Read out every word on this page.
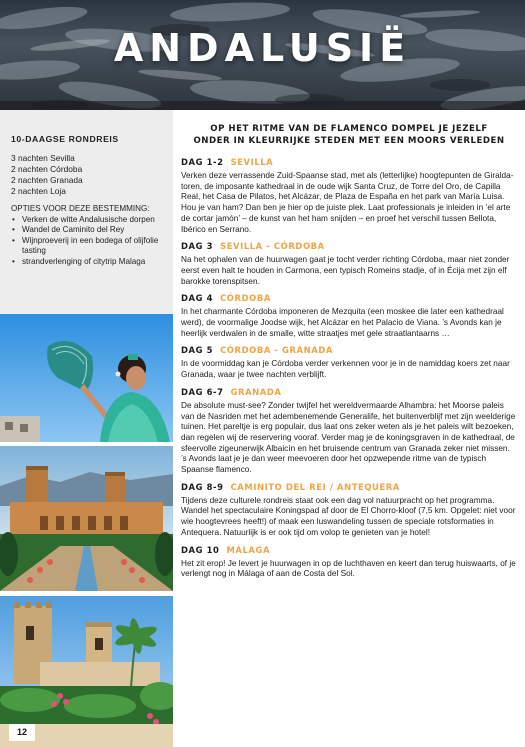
ANDALUSIË
10-DAAGSE RONDREIS
3 nachten Sevilla
2 nachten Córdoba
2 nachten Granada
2 nachten Loja
OPTIES VOOR DEZE BESTEMMING:
• Verken de witte Andalusische dorpen
• Wandel de Caminito del Rey
• Wijnproeverij in een bodega of olijfolie tasting
• strandverlenging of citytrip Malaga
12
OP HET RITME VAN DE FLAMENCO DOMPEL JE JEZELF ONDER IN KLEURRIJKE STEDEN MET EEN MOORS VERLEDEN
DAG 1-2 SEVILLA
Verken deze verrassende Zuid-Spaanse stad, met als (letterlijke) hoogtepunten de Giralda-toren, de imposante kathedraal in de oude wijk Santa Cruz, de Torre del Oro, de Capilla Real, het Casa de Pilatos, het Alcázar, de Plaza de España en het park van María Luisa. Hou je van ham? Dan ben je hier op de juiste plek. Laat professionals je inleiden in ‘el arte de cortar jamón’ – de kunst van het ham snijden – en proef het verschil tussen Bellota, Ibérico en Serrano.
DAG 3 SEVILLA - CÓRDOBA
Na het ophalen van de huurwagen gaat je tocht verder richting Córdoba, maar niet zonder eerst even halt te houden in Carmona, een typisch Romeins stadje, of in Écija met zijn elf barokke torenspitsen.
DAG 4 CÓRDOBA
In het charmante Córdoba imponeren de Mezquita (een moskee die later een kathedraal werd), de voormalige Joodse wijk, het Alcázar en het Palacio de Viana. ’s Avonds kan je heerlijk verdwalen in de smalle, witte straatjes met gele straatlantaarns …
DAG 5 CÓRDOBA - GRANADA
In de voormiddag kan je Córdoba verder verkennen voor je in de namiddag koers zet naar Granada, waar je twee nachten verblijft.
DAG 6-7 GRANADA
De absolute must-see? Zonder twijfel het wereldvermaarde Alhambra: het Moorse paleis van de Nasriden met het adembenemende Generalife, het buitenverblijf met zijn weelderige tuinen. Het pareltje is erg populair, dus laat ons zeker weten als je het paleis wilt bezoeken, dan regelen wij de reservering vooraf. Verder mag je de koningsgraven in de kathedraal, de sfeervolle zigeunerwijk Albaicín en het bruisende centrum van Granada zeker niet missen. ’s Avonds laat je je dan weer meevoeren door het opzwepende ritme van de typisch Spaanse flamenco.
DAG 8-9 CAMINITO DEL REI / ANTEQUERA
Tijdens deze culturele rondreis staat ook een dag vol natuurpracht op het programma. Wandel het spectaculaire Koningspad af door de El Chorro-kloof (7,5 km. Opgelet: niet voor wie hoogtevrees heeft!) of maak een luswandeling tussen de speciale rotsformaties in Antequera. Natuurlijk is er ook tijd om volop te genieten van je hotel!
DAG 10 MÁLAGA
Het zit erop! Je levert je huurwagen in op de luchthaven en keert dan terug huiswaarts, of je verlengt nog in Málaga of aan de Costa del Sol.
